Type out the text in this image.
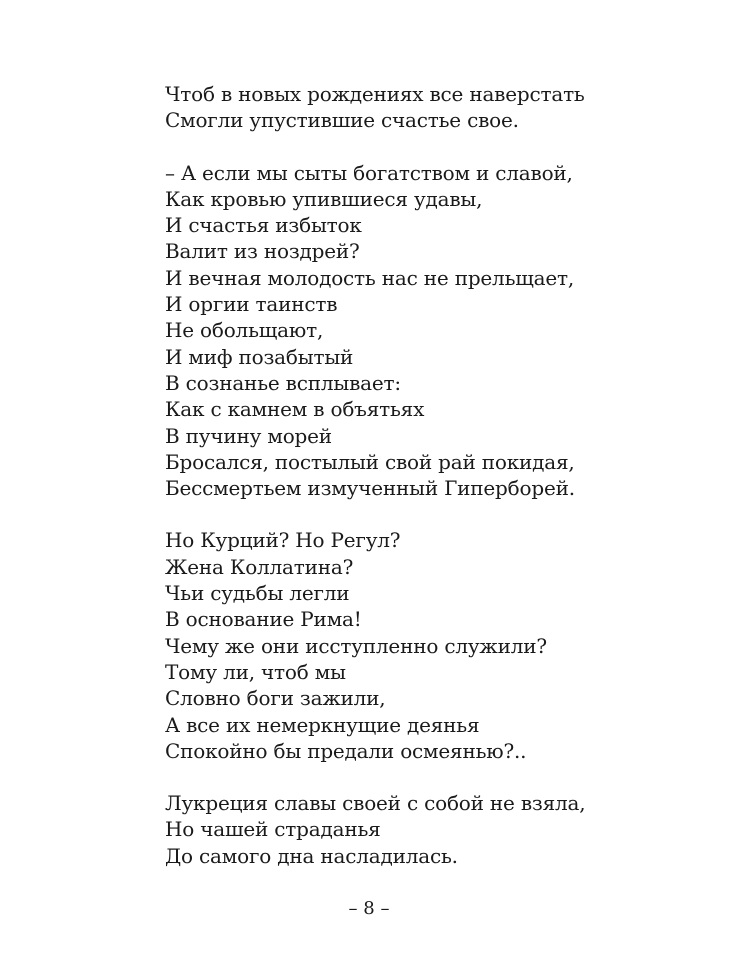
Чтоб в новых рождениях все наверстать
Смогли упустившие счастье свое.
– А если мы сыты богатством и славой,
Как кровью упившиеся удавы,
И счастья избыток
Валит из ноздрей?
И вечная молодость нас не прельщает,
И оргии таинств
Не обольщают,
И миф позабытый
В сознанье всплывает:
Как с камнем в объятьях
В пучину морей
Бросался, постылый свой рай покидая,
Бессмертьем измученный Гиперборей.
Но Курций? Но Регул?
Жена Коллатина?
Чьи судьбы легли
В основание Рима!
Чему же они исступленно служили?
Тому ли, чтоб мы
Словно боги зажили,
А все их немеркнущие деянья
Спокойно бы предали осмеянью?..
Лукреция славы своей с собой не взяла,
Но чашей страданья
До самого дна насладилась.
– 8 –
